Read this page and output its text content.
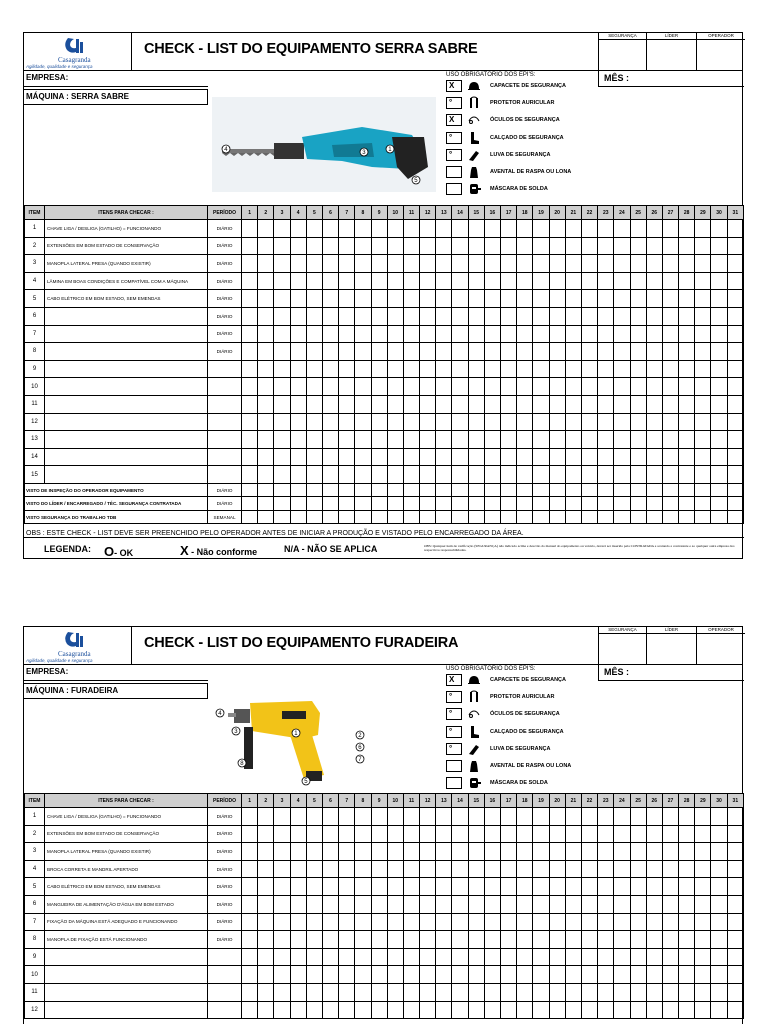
Casagranda
Agilidade, qualidade e segurança
CHECK - LIST DO EQUIPAMENTO SERRA SABRE
SEGURANÇA	LÍDER	OPERADOR
EMPRESA:
MÁQUINA : SERRA SABRE
MÊS :
4	3	1
5
USO OBRIGATÓRIO DOS EPI'S:
X	CAPACETE DE SEGURANÇA
°	PROTETOR AURICULAR
X	ÓCULOS DE SEGURANÇA
°	CALÇADO DE SEGURANÇA
°	LUVA DE SEGURANÇA
AVENTAL DE RASPA OU LONA
MÁSCARA DE SOLDA
ITEM	ITENS PARA CHECAR :	PERÍODO	1	2	3	4	5	6	7	8	9	10	11	12	13	14	15	16	17	18	19	20	21	22	23	24	25	26	27	28	29	30	31
1	CHAVE LIGA / DESLIGA (GATILHO) = FUNCIONANDO	DIÁRIO																															
2	EXTENSÕES EM BOM ESTADO DE CONSERVAÇÃO	DIÁRIO																															
3	MANOPLA LATERAL PRESA (QUANDO EXISTIR)	DIÁRIO																															
4	LÂMINA EM BOAS CONDIÇÕES E COMPATÍVEL COM A MÁQUINA	DIÁRIO																															
5	CABO ELÉTRICO EM BOM ESTADO, SEM EMENDAS	DIÁRIO																															
6		DIÁRIO																															
7		DIÁRIO																															
8		DIÁRIO																															
9																																	
10																																	
11																																	
12																																	
13																																	
14																																	
15																																	
VISTO DE INSPEÇÃO DO OPERADOR EQUIPAMENTO		DIÁRIO																															
VISTO DO LÍDER / ENCARREGADO / TÉC. SEGURANÇA CONTRATADA		DIÁRIO																															
VISTO SEGURANÇA DO TRABALHO TDB		SEMANAL																															
OBS : ESTE CHECK - LIST DEVE SER PREENCHIDO PELO OPERADOR ANTES DE INICIAR A PRODUÇÃO E VISTADO PELO ENCARREGADO DA ÁREA.
LEGENDA: O- OK	X - Não conforme	N/A - NÃO SE APLICA	OBS: Qualquer item de verificação (SEGURANÇA) não indicado acima e descrito do manual do equipamento ou veículo, deverá ser inserido pela CONTRATADA e acatando a contratante e ao qualquer outra empresa dos respectivos responsabilidades.
Casagranda
Agilidade, qualidade e segurança
CHECK - LIST DO EQUIPAMENTO FURADEIRA
SEGURANÇA	LÍDER	OPERADOR
EMPRESA:
MÁQUINA : FURADEIRA
MÊS :
4
3	1
8
5
2
6
7
USO OBRIGATÓRIO DOS EPI'S:
X	CAPACETE DE SEGURANÇA
°	PROTETOR AURICULAR
°	ÓCULOS DE SEGURANÇA
°	CALÇADO DE SEGURANÇA
°	LUVA DE SEGURANÇA
AVENTAL DE RASPA OU LONA
MÁSCARA DE SOLDA
ITEM	ITENS PARA CHECAR :	PERÍODO	1	2	3	4	5	6	7	8	9	10	11	12	13	14	15	16	17	18	19	20	21	22	23	24	25	26	27	28	29	30	31
1	CHAVE LIGA / DESLIGA (GATILHO) = FUNCIONANDO	DIÁRIO																															
2	EXTENSÕES EM BOM ESTADO DE CONSERVAÇÃO	DIÁRIO																															
3	MANOPLA LATERAL PRESA (QUANDO EXISTIR)	DIÁRIO																															
4	BROCA CORRETA E MANDRIL APERTADO	DIÁRIO																															
5	CABO ELÉTRICO EM BOM ESTADO, SEM EMENDAS	DIÁRIO																															
6	MANGUEIRA DE ALIMENTAÇÃO D'ÁGUA EM BOM ESTADO	DIÁRIO																															
7	FIXAÇÃO DA MÁQUINA ESTÁ ADEQUADO E FUNCIONANDO	DIÁRIO																															
8	MANOPLA DE FIXAÇÃO ESTÁ FUNCIONANDO	DIÁRIO																															
9																																	
10																																	
11																																	
12																																	
